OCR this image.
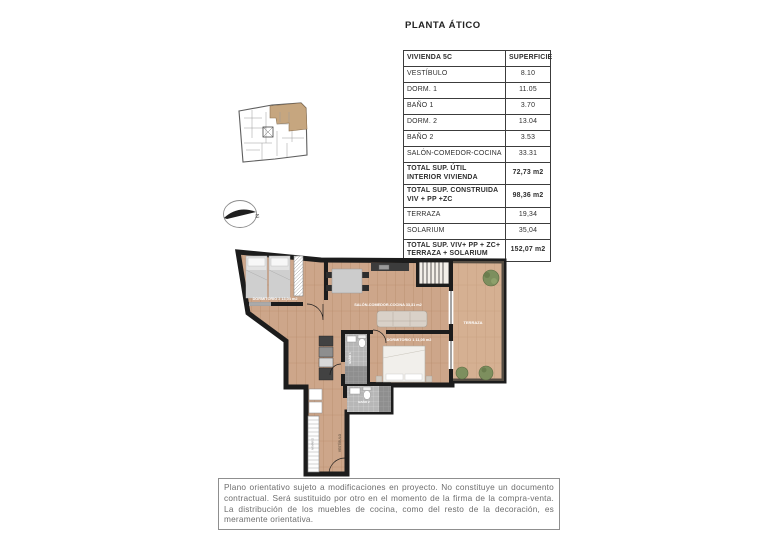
PLANTA ÁTICO
N
VIVIENDA 5C	SUPERFICIE
VESTÍBULO	8.10
DORM. 1	11.05
BAÑO 1	3.70
DORM. 2	13.04
BAÑO 2	3.53
SALÓN-COMEDOR-COCINA	33.31
TOTAL SUP. ÚTIL INTERIOR VIVIENDA	72,73 m2
TOTAL SUP. CONSTRUIDA VIV + PP +ZC	98,36 m2
TERRAZA	19,34
SOLARIUM	35,04
TOTAL SUP. VIV+ PP + ZC+ TERRAZA + SOLARIUM	152,07 m2
ARMARIO
DORMITORIO 2 13,04 m2
SALÓN-COMEDOR-COCINA 33,31 m2
DORMITORIO 1 11,05 m2
TERRAZA
BAÑO 1
BAÑO 2
VESTÍBULO
Plano orientativo sujeto a modificaciones en proyecto. No constituye un documento contractual. Será sustituido por otro en el momento de la firma de la compra-venta. La distribución de los muebles de cocina, como del resto de la decoración, es meramente orientativa.
